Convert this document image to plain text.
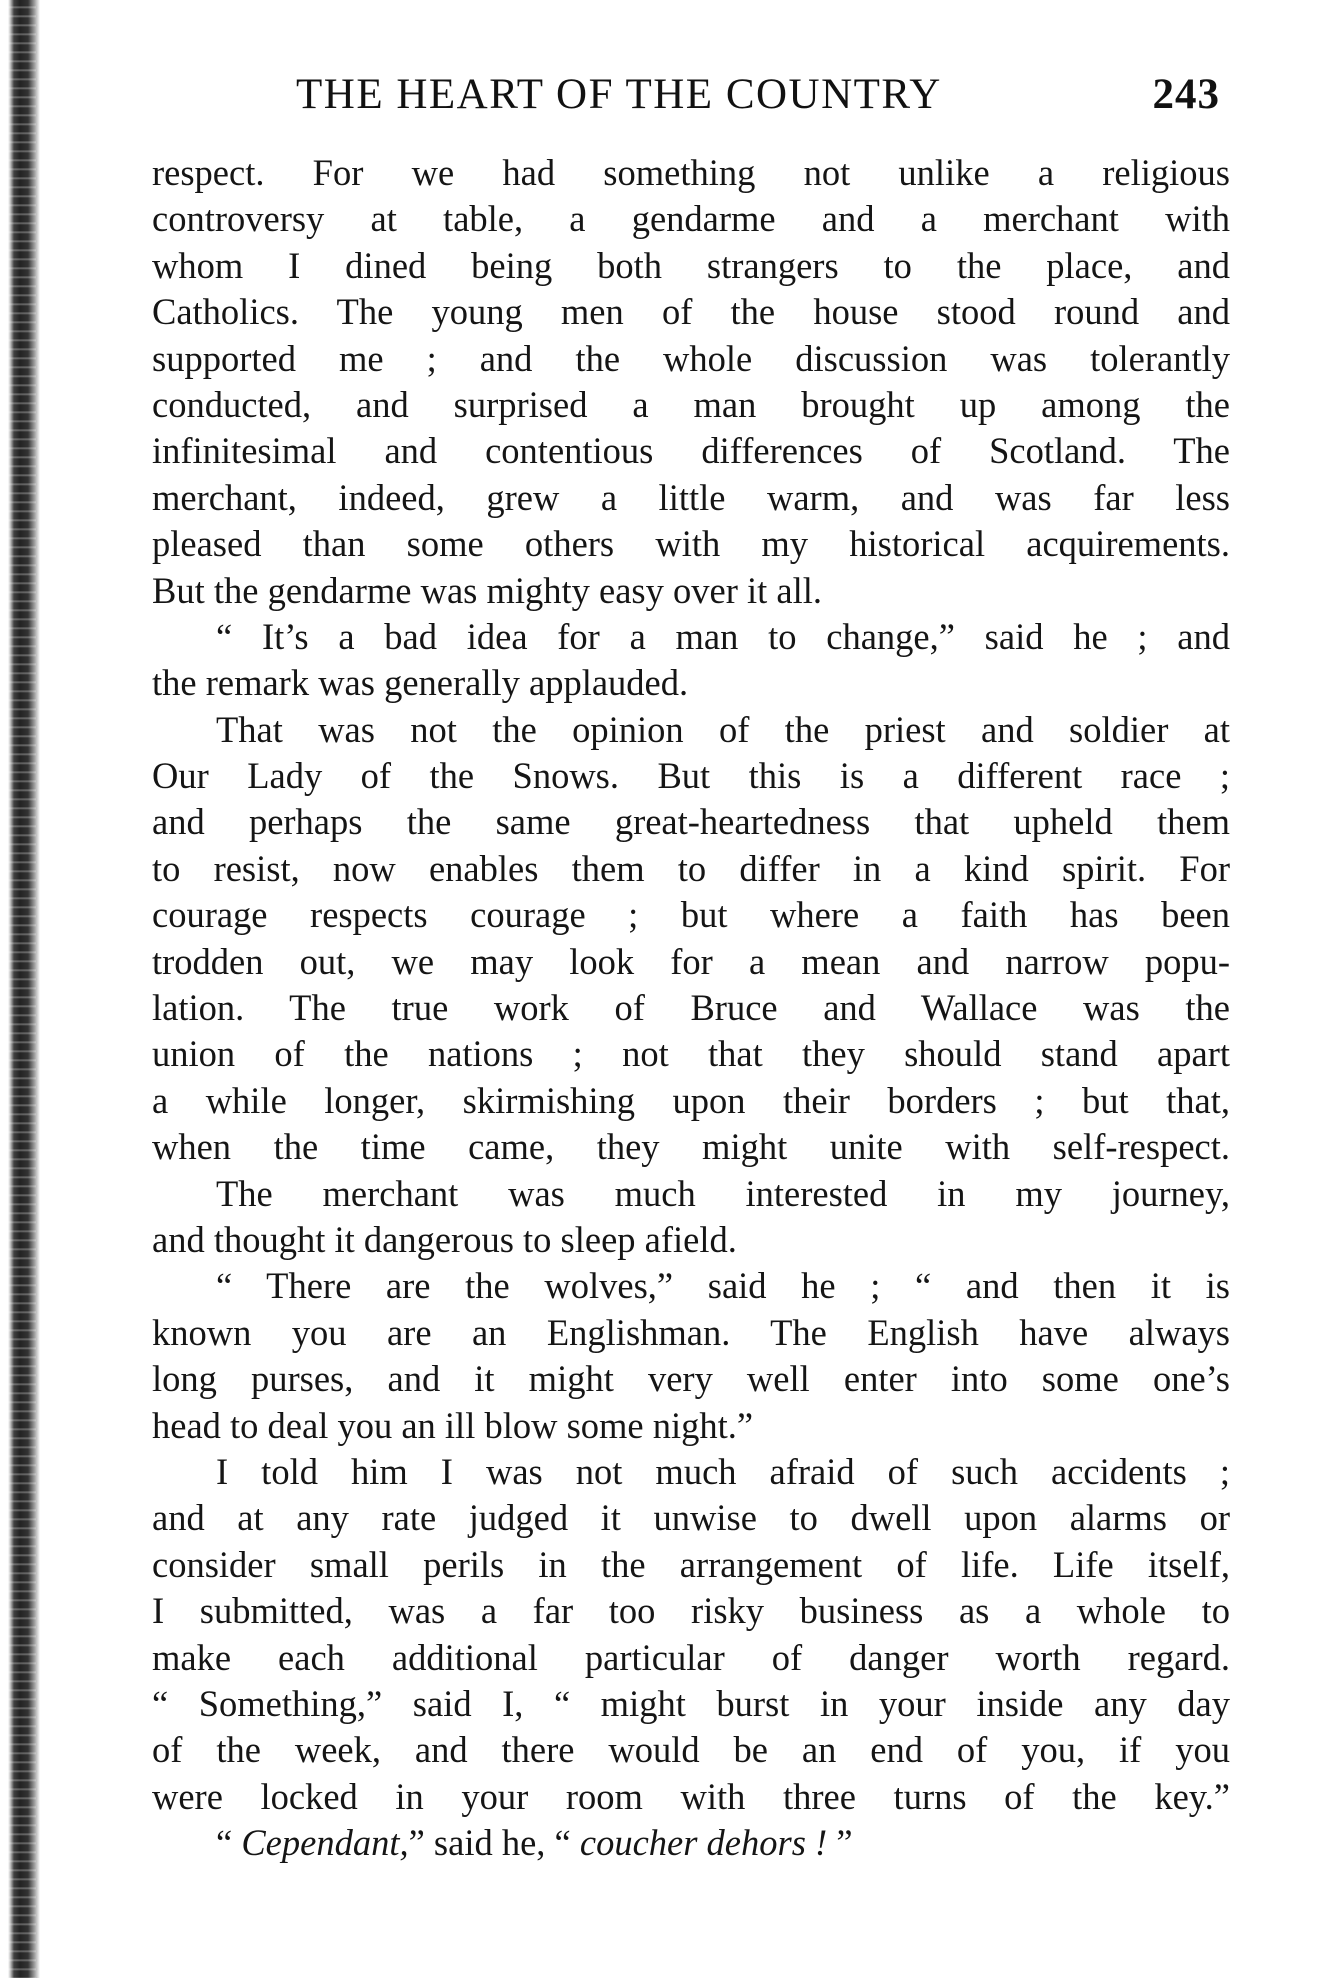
THE HEART OF THE COUNTRY	243
respect. For we had something not unlike a religious
controversy at table, a gendarme and a merchant with
whom I dined being both strangers to the place, and
Catholics. The young men of the house stood round and
supported me ; and the whole discussion was tolerantly
conducted, and surprised a man brought up among the
infinitesimal and contentious differences of Scotland. The
merchant, indeed, grew a little warm, and was far less
pleased than some others with my historical acquirements.
But the gendarme was mighty easy over it all.
“ It’s a bad idea for a man to change,” said he ; and
the remark was generally applauded.
That was not the opinion of the priest and soldier at
Our Lady of the Snows. But this is a different race ;
and perhaps the same great-heartedness that upheld them
to resist, now enables them to differ in a kind spirit. For
courage respects courage ; but where a faith has been
trodden out, we may look for a mean and narrow popu-
lation. The true work of Bruce and Wallace was the
union of the nations ; not that they should stand apart
a while longer, skirmishing upon their borders ; but that,
when the time came, they might unite with self-respect.
The merchant was much interested in my journey,
and thought it dangerous to sleep afield.
“ There are the wolves,” said he ; “ and then it is
known you are an Englishman. The English have always
long purses, and it might very well enter into some one’s
head to deal you an ill blow some night.”
I told him I was not much afraid of such accidents ;
and at any rate judged it unwise to dwell upon alarms or
consider small perils in the arrangement of life. Life itself,
I submitted, was a far too risky business as a whole to
make each additional particular of danger worth regard.
“ Something,” said I, “ might burst in your inside any day
of the week, and there would be an end of you, if you
were locked in your room with three turns of the key.”
“ Cependant,” said he, “ coucher dehors ! ”
